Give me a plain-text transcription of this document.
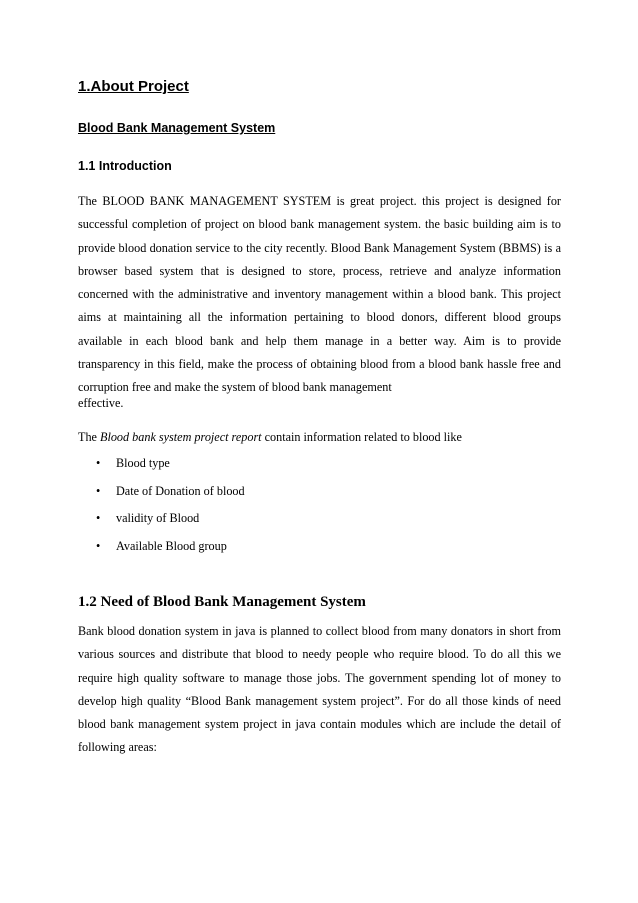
1.About Project
Blood Bank Management System
1.1 Introduction

The BLOOD BANK MANAGEMENT SYSTEM is great project. this project is designed for successful completion of project on blood bank management system. the basic building aim is to provide blood donation service to the city recently. Blood Bank Management System (BBMS) is a browser based system that is designed to store, process, retrieve and analyze information concerned with the administrative and inventory management within a blood bank. This project aims at maintaining all the information pertaining to blood donors, different blood groups available in each blood bank and help them manage in a better way. Aim is to provide transparency in this field, make the process of obtaining blood from a blood bank hassle free and corruption free and make the system of blood bank management

effective.

The Blood bank system project report contain information related to blood like

• Blood type
• Date of Donation of blood
• validity of Blood
• Available Blood group
1.2 Need of Blood Bank Management System

Bank blood donation system in java is planned to collect blood from many donators in short from various sources and distribute that blood to needy people who require blood. To do all this we require high quality software to manage those jobs. The government spending lot of money to develop high quality “Blood Bank management system project”. For do all those kinds of need blood bank management system project in java contain modules which are include the detail of following areas:
